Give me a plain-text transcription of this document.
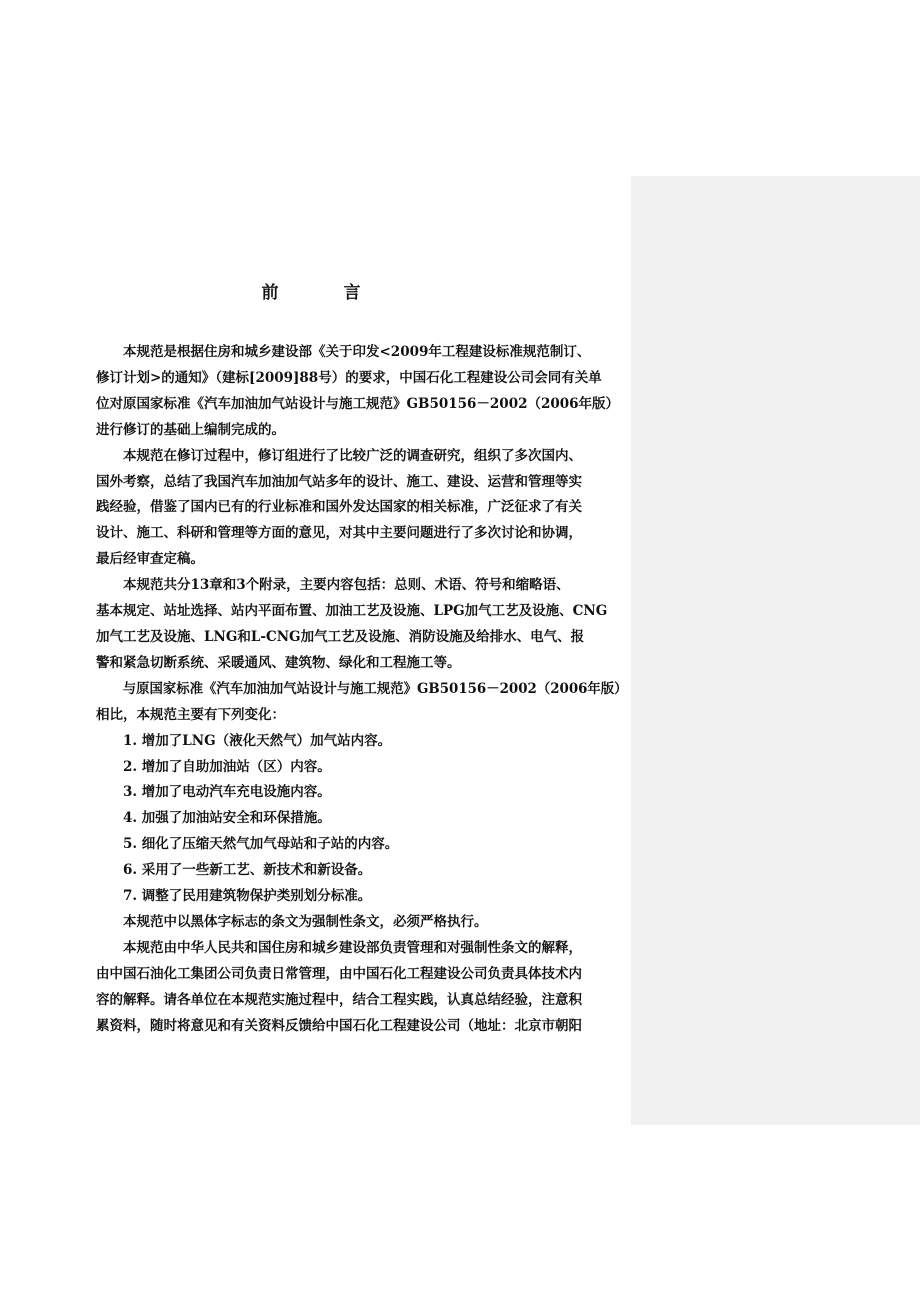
前　言

本规范是根据住房和城乡建设部《关于印发<2009年工程建设标准规范制订、

修订计划>的通知》（建标[2009]88号）的要求，中国石化工程建设公司会同有关单

位对原国家标准《汽车加油加气站设计与施工规范》GB50156－2002（2006年版）

进行修订的基础上编制完成的。

本规范在修订过程中，修订组进行了比较广泛的调查研究，组织了多次国内、

国外考察，总结了我国汽车加油加气站多年的设计、施工、建设、运营和管理等实

践经验，借鉴了国内已有的行业标准和国外发达国家的相关标准，广泛征求了有关

设计、施工、科研和管理等方面的意见，对其中主要问题进行了多次讨论和协调，

最后经审查定稿。

本规范共分13章和3个附录，主要内容包括：总则、术语、符号和缩略语、

基本规定、站址选择、站内平面布置、加油工艺及设施、LPG加气工艺及设施、CNG

加气工艺及设施、LNG和L-CNG加气工艺及设施、消防设施及给排水、电气、报

警和紧急切断系统、采暖通风、建筑物、绿化和工程施工等。

与原国家标准《汽车加油加气站设计与施工规范》GB50156－2002（2006年版）

相比，本规范主要有下列变化：

1. 增加了LNG（液化天然气）加气站内容。

2. 增加了自助加油站（区）内容。

3. 增加了电动汽车充电设施内容。

4. 加强了加油站安全和环保措施。

5. 细化了压缩天然气加气母站和子站的内容。

6. 采用了一些新工艺、新技术和新设备。

7. 调整了民用建筑物保护类别划分标准。

本规范中以黑体字标志的条文为强制性条文，必须严格执行。

本规范由中华人民共和国住房和城乡建设部负责管理和对强制性条文的解释，

由中国石油化工集团公司负责日常管理，由中国石化工程建设公司负责具体技术内

容的解释。请各单位在本规范实施过程中，结合工程实践，认真总结经验，注意积

累资料，随时将意见和有关资料反馈给中国石化工程建设公司（地址：北京市朝阳
